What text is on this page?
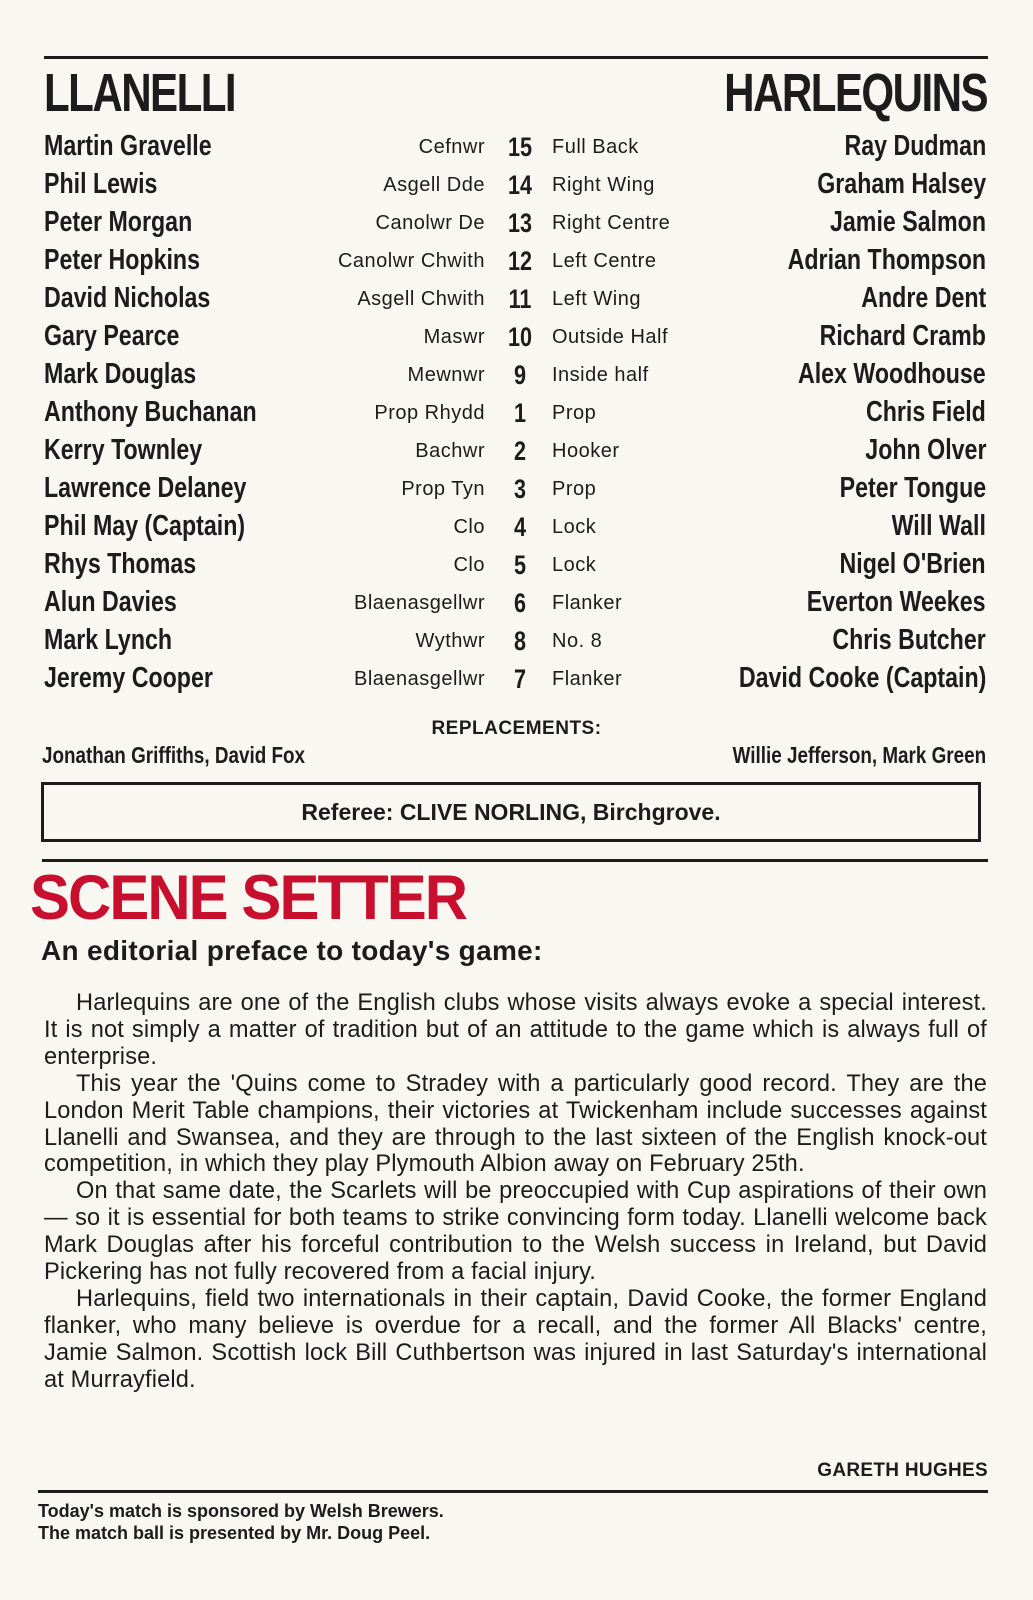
LLANELLI	HARLEQUINS
Martin Gravelle	Cefnwr 15 Full Back	Ray Dudman
Phil Lewis	Asgell Dde 14 Right Wing	Graham Halsey
Peter Morgan	Canolwr De 13 Right Centre	Jamie Salmon
Peter Hopkins	Canolwr Chwith 12 Left Centre	Adrian Thompson
David Nicholas	Asgell Chwith 11	Left Wing	Andre Dent
Gary Pearce	Maswr 10 Outside Half	Richard Cramb
Mark Douglas	Mewnwr	9	Inside half	Alex Woodhouse
Anthony Buchanan	Prop Rhydd	1	Prop	Chris Field
Kerry Townley	Bachwr	2	Hooker	John Olver
Lawrence Delaney	Prop Tyn	3	Prop	Peter Tongue
Phil May (Captain)	Clo	4	Lock	Will Wall
Rhys Thomas	Clo	5	Lock	Nigel O'Brien
Alun Davies	Blaenasgellwr	6	Flanker	Everton Weekes
Mark Lynch	Wythwr	8	No. 8	Chris Butcher
Jeremy Cooper	Blaenasgellwr	7	Flanker	David Cooke (Captain)
REPLACEMENTS:
Jonathan Griffiths, David Fox	Willie Jefferson, Mark Green
Referee: CLIVE NORLING, Birchgrove.
SCENE SETTER
An editorial preface to today's game:

Harlequins are one of the English clubs whose visits always evoke a special interest. It is not simply a matter of tradition but of an attitude to the game which is always full of enterprise.

This year the 'Quins come to Stradey with a particularly good record. They are the London Merit Table champions, their victories at Twickenham include successes against Llanelli and Swansea, and they are through to the last sixteen of the English knock-out competition, in which they play Plymouth Albion away on February 25th.

On that same date, the Scarlets will be preoccupied with Cup aspirations of their own — so it is essential for both teams to strike convincing form today. Llanelli welcome back Mark Douglas after his forceful contribution to the Welsh success in Ireland, but David Pickering has not fully recovered from a facial injury.

Harlequins, field two internationals in their captain, David Cooke, the former England flanker, who many believe is overdue for a recall, and the former All Blacks' centre, Jamie Salmon. Scottish lock Bill Cuthbertson was injured in last Saturday's international at Murrayfield.

GARETH HUGHES
Today's match is sponsored by Welsh Brewers.
The match ball is presented by Mr. Doug Peel.
